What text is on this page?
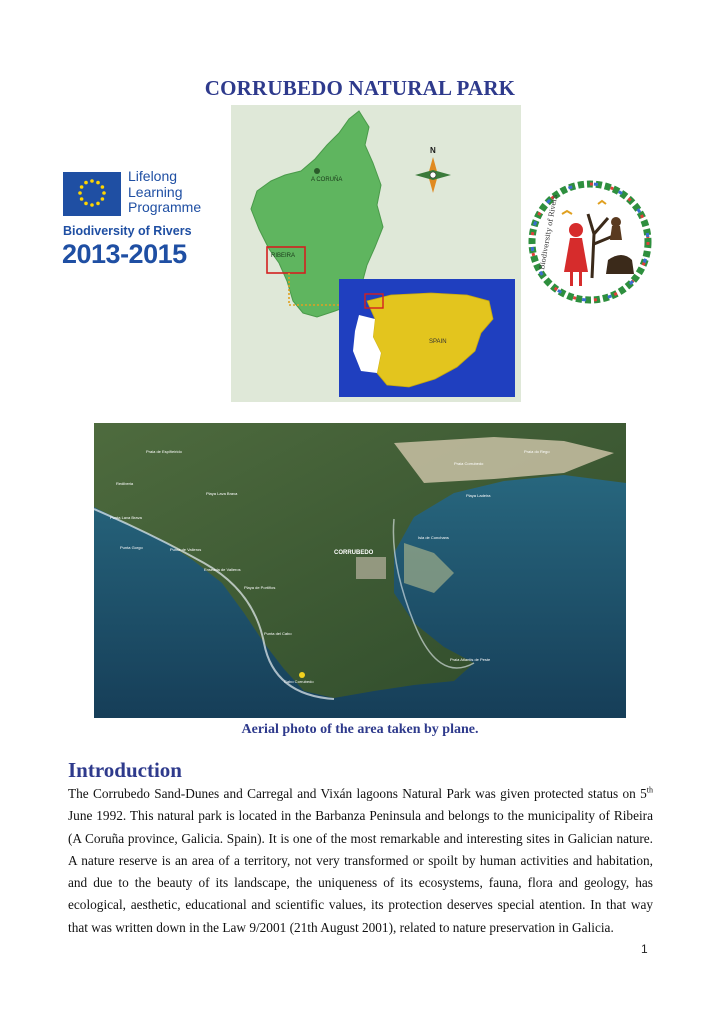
CORRUBEDO NATURAL PARK
Lifelong
Learning
Programme
Biodiversity of Rivers
2013-2015
A CORUÑA
RIBEIRA
N
SPAIN
Biodiversity of Rivers
CORRUBEDO
Praia de Espiñeirido
Rediberia
Playa Lava Brava
Punta Lava Brava
Punta Gorgo	Punta de Valieros
Enseada de Valieros
Playa de Portiños
Punta del Cabo
Cabo Corrubedo
Praia Corrubedo
Playa Ladeira
Praia do Rego
Isla de Conchans
Praia Atlantis de Peste
Aerial photo of the area taken by plane.
Introduction
The Corrubedo Sand-Dunes and Carregal and Vixán lagoons Natural Park was given protected status on 5th June 1992. This natural park is located in the Barbanza Peninsula and belongs to the municipality of Ribeira (A Coruña province, Galicia. Spain). It is one of the most remarkable and interesting sites in Galician nature. A nature reserve is an area of a territory, not very transformed or spoilt by human activities and habitation, and due to the beauty of its landscape, the uniqueness of its ecosystems, fauna, flora and geology, has ecological, aesthetic, educational and scientific values, its protection deserves special atention. In that way that was written down in the Law 9/2001 (21th August 2001), related to nature preservation in Galicia.
1
